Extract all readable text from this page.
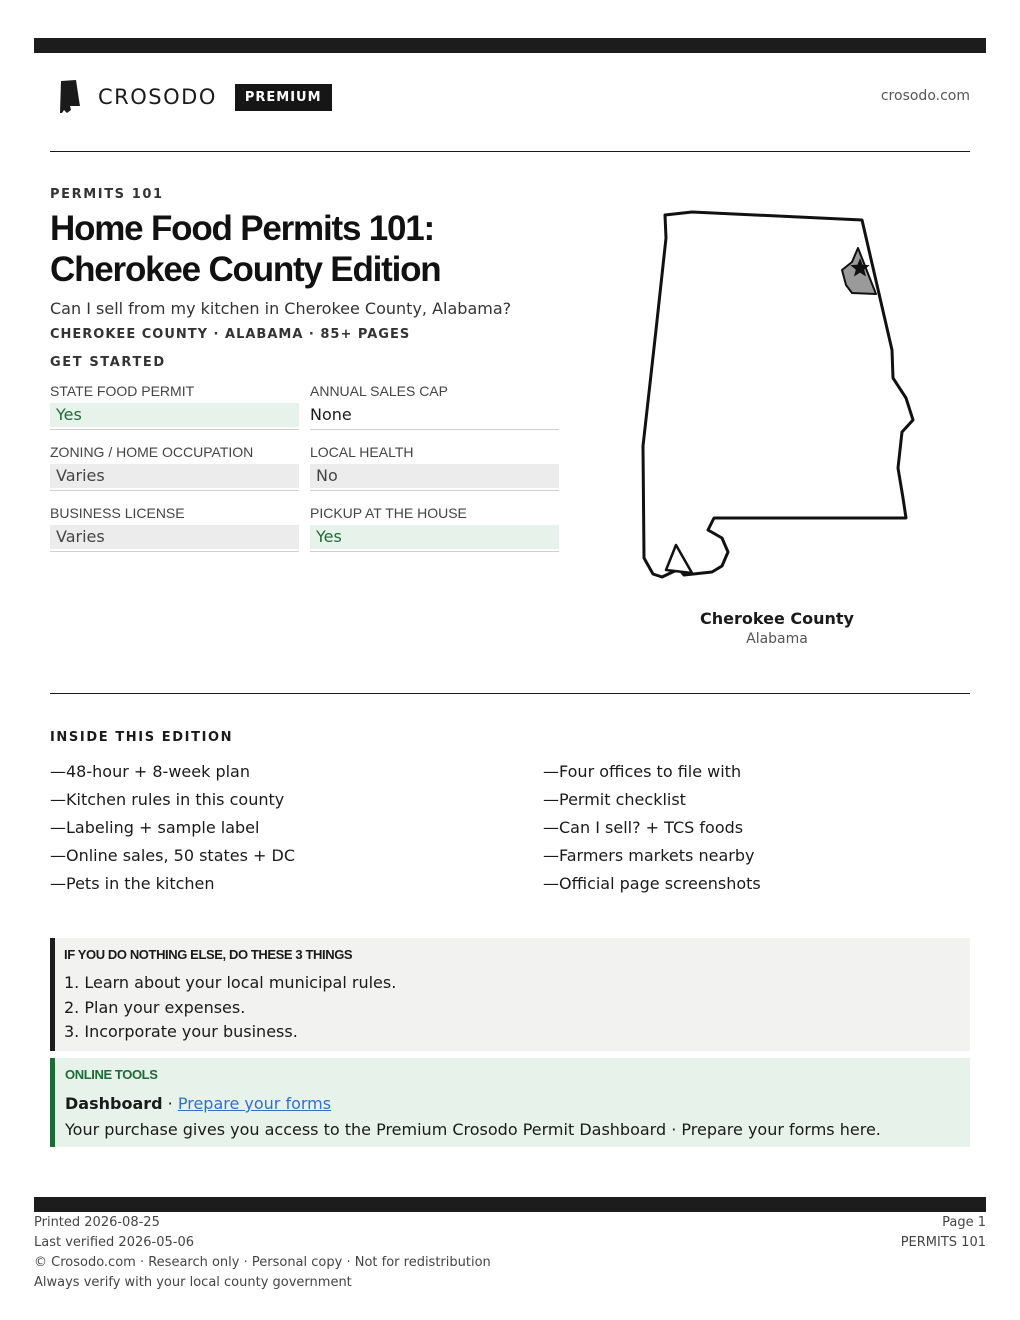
CROSODO	PREMIUM	crosodo.com
PERMITS 101
Home Food Permits 101:
Cherokee County Edition
Can I sell from my kitchen in Cherokee County, Alabama?
CHEROKEE COUNTY · ALABAMA · 85+ PAGES
GET STARTED
STATE FOOD PERMIT
Yes
ANNUAL SALES CAP
None
ZONING / HOME OCCUPATION
Varies
LOCAL HEALTH
No
BUSINESS LICENSE
Varies
PICKUP AT THE HOUSE
Yes
Cherokee County
Alabama
INSIDE THIS EDITION
—48-hour + 8-week plan
—Kitchen rules in this county
—Labeling + sample label
—Online sales, 50 states + DC
—Pets in the kitchen
—Four offices to file with
—Permit checklist
—Can I sell? + TCS foods
—Farmers markets nearby
—Official page screenshots
IF YOU DO NOTHING ELSE, DO THESE 3 THINGS
1. Learn about your local municipal rules.
2. Plan your expenses.
3. Incorporate your business.
ONLINE TOOLS
Dashboard · Prepare your forms
Your purchase gives you access to the Premium Crosodo Permit Dashboard · Prepare your forms here.
Printed 2026-08-25
Last verified 2026-05-06
© Crosodo.com · Research only · Personal copy · Not for redistribution
Always verify with your local county government
Page 1
PERMITS 101
